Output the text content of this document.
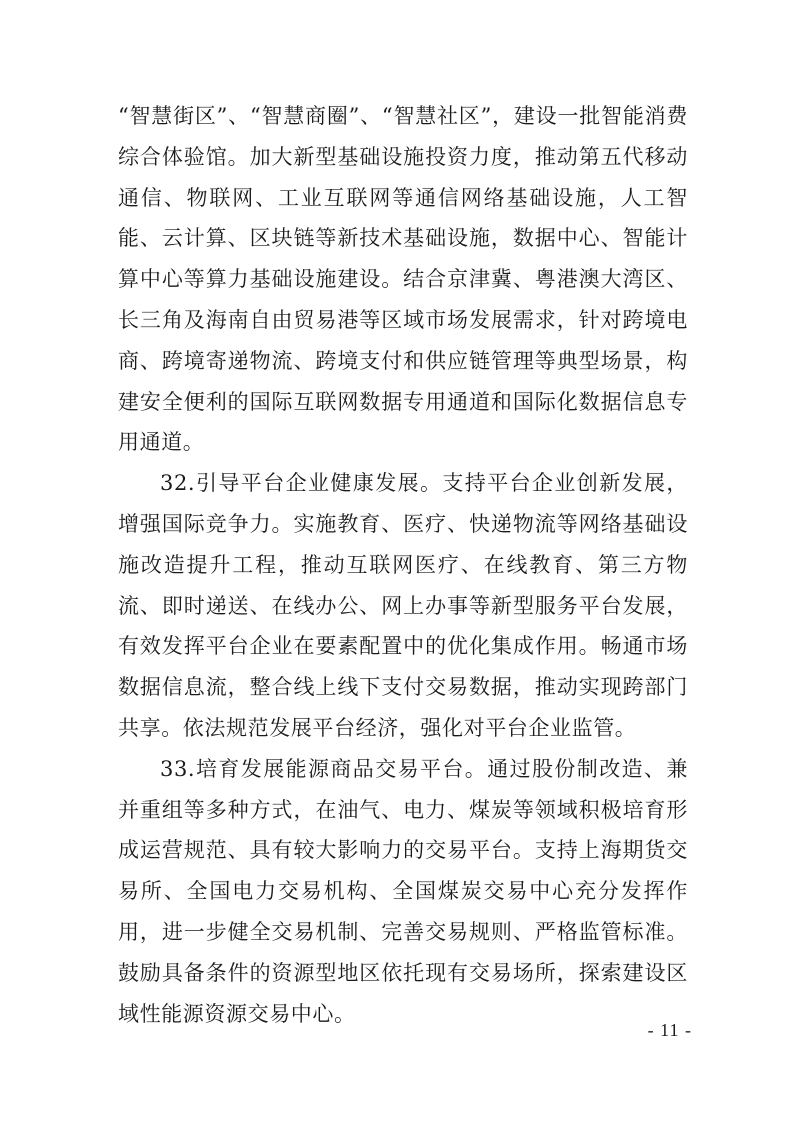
“智慧街区”、“智慧商圈”、“智慧社区”，建设一批智能消费综合体验馆。加大新型基础设施投资力度，推动第五代移动通信、物联网、工业互联网等通信网络基础设施，人工智能、云计算、区块链等新技术基础设施，数据中心、智能计算中心等算力基础设施建设。结合京津冀、粤港澳大湾区、长三角及海南自由贸易港等区域市场发展需求，针对跨境电商、跨境寄递物流、跨境支付和供应链管理等典型场景，构建安全便利的国际互联网数据专用通道和国际化数据信息专用通道。

32.引导平台企业健康发展。支持平台企业创新发展，增强国际竞争力。实施教育、医疗、快递物流等网络基础设施改造提升工程，推动互联网医疗、在线教育、第三方物流、即时递送、在线办公、网上办事等新型服务平台发展，有效发挥平台企业在要素配置中的优化集成作用。畅通市场数据信息流，整合线上线下支付交易数据，推动实现跨部门共享。依法规范发展平台经济，强化对平台企业监管。

33.培育发展能源商品交易平台。通过股份制改造、兼并重组等多种方式，在油气、电力、煤炭等领域积极培育形成运营规范、具有较大影响力的交易平台。支持上海期货交易所、全国电力交易机构、全国煤炭交易中心充分发挥作用，进一步健全交易机制、完善交易规则、严格监管标准。鼓励具备条件的资源型地区依托现有交易场所，探索建设区域性能源资源交易中心。

- 11 -
